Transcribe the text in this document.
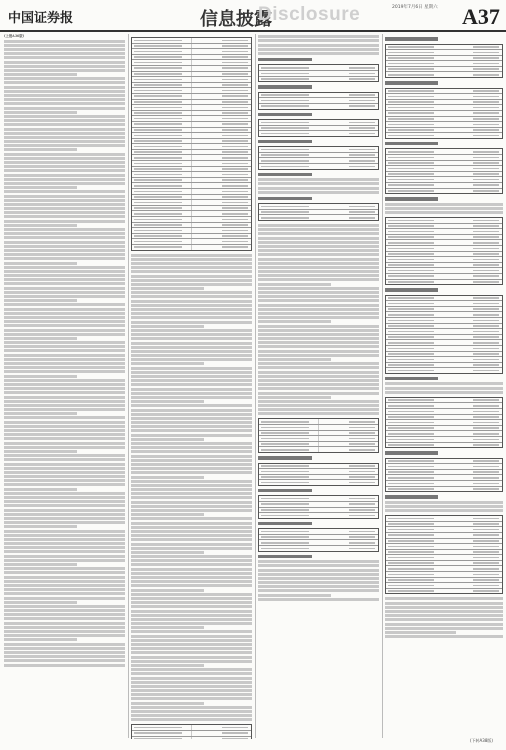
中国证券报	信息披露
Disclosure	2019年7月6日 星期六 A37

(上接A36版)

(下转A38版)
